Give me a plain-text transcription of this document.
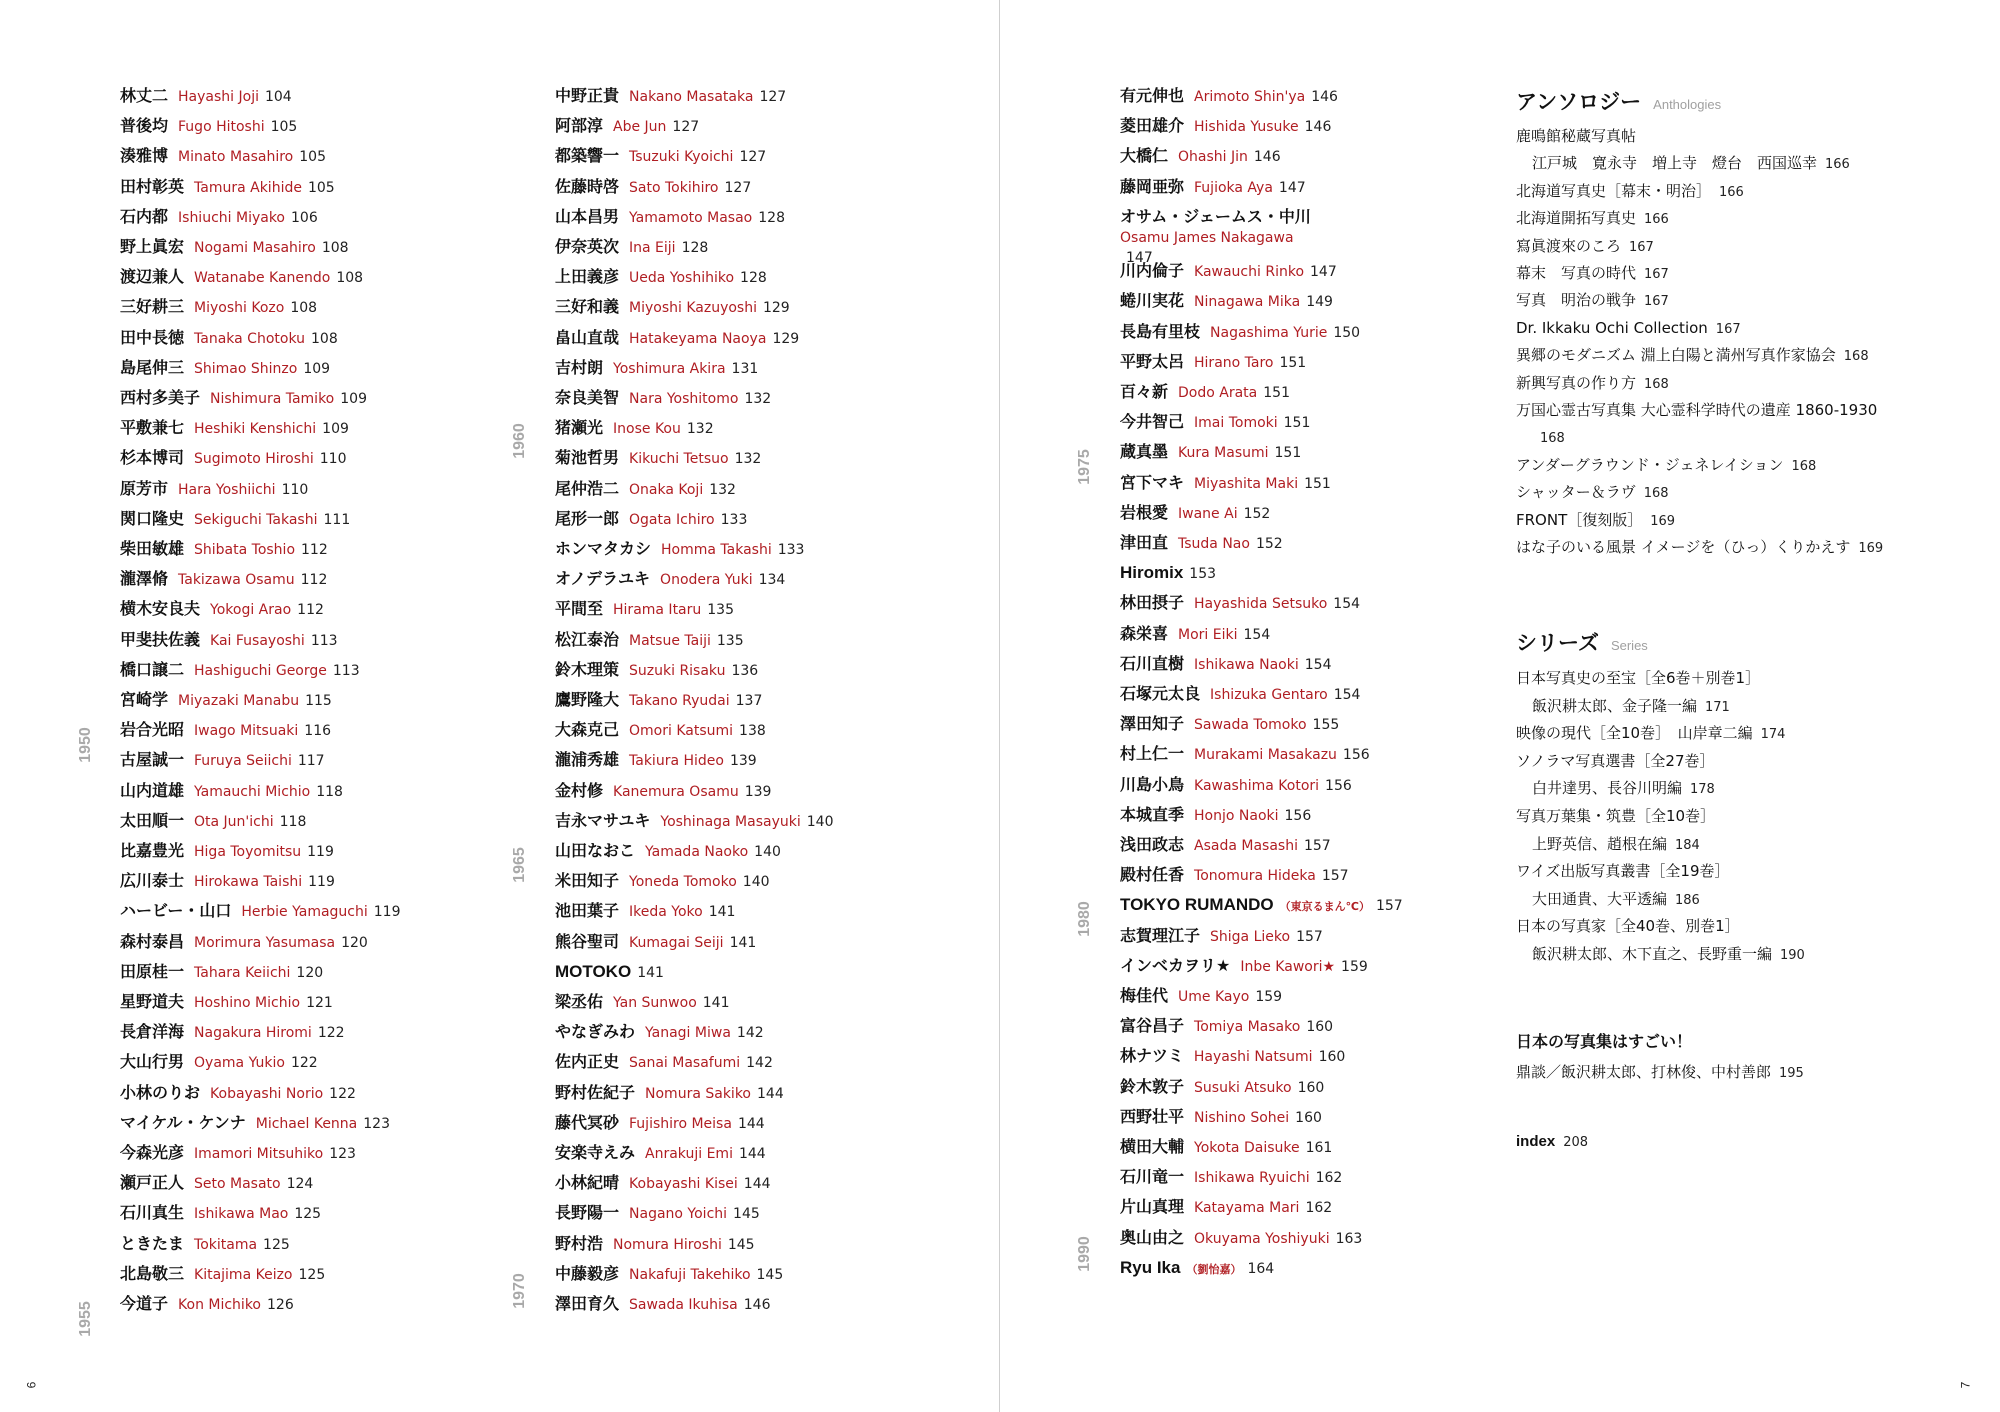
林丈二 Hayashi Joji 104
普後均 Fugo Hitoshi 105
湊雅博 Minato Masahiro 105
田村彰英 Tamura Akihide 105
石内都 Ishiuchi Miyako 106
野上眞宏 Nogami Masahiro 108
渡辺兼人 Watanabe Kanendo 108
三好耕三 Miyoshi Kozo 108
田中長徳 Tanaka Chotoku 108
島尾伸三 Shimao Shinzo 109
西村多美子 Nishimura Tamiko 109
平敷兼七 Heshiki Kenshichi 109
杉本博司 Sugimoto Hiroshi 110
原芳市 Hara Yoshiichi 110
関口隆史 Sekiguchi Takashi 111
柴田敏雄 Shibata Toshio 112
瀧澤脩 Takizawa Osamu 112
横木安良夫 Yokogi Arao 112
甲斐扶佐義 Kai Fusayoshi 113
橋口譲二 Hashiguchi George 113
宮崎学 Miyazaki Manabu 115
岩合光昭 Iwago Mitsuaki 116
古屋誠一 Furuya Seiichi 117
山内道雄 Yamauchi Michio 118
太田順一 Ota Jun'ichi 118
比嘉豊光 Higa Toyomitsu 119
広川泰士 Hirokawa Taishi 119
ハービー・山口 Herbie Yamaguchi 119
森村泰昌 Morimura Yasumasa 120
田原桂一 Tahara Keiichi 120
星野道夫 Hoshino Michio 121
長倉洋海 Nagakura Hiromi 122
大山行男 Oyama Yukio 122
小林のりお Kobayashi Norio 122
マイケル・ケンナ Michael Kenna 123
今森光彦 Imamori Mitsuhiko 123
瀬戸正人 Seto Masato 124
石川真生 Ishikawa Mao 125
ときたま Tokitama 125
北島敬三 Kitajima Keizo 125
今道子 Kon Michiko 126
中野正貴 Nakano Masataka 127
阿部淳 Abe Jun 127
都築響一 Tsuzuki Kyoichi 127
佐藤時啓 Sato Tokihiro 127
山本昌男 Yamamoto Masao 128
伊奈英次 Ina Eiji 128
上田義彦 Ueda Yoshihiko 128
三好和義 Miyoshi Kazuyoshi 129
畠山直哉 Hatakeyama Naoya 129
吉村朗 Yoshimura Akira 131
奈良美智 Nara Yoshitomo 132
猪瀬光 Inose Kou 132
菊池哲男 Kikuchi Tetsuo 132
尾仲浩二 Onaka Koji 132
尾形一郎 Ogata Ichiro 133
ホンマタカシ Homma Takashi 133
オノデラユキ Onodera Yuki 134
平間至 Hirama Itaru 135
松江泰治 Matsue Taiji 135
鈴木理策 Suzuki Risaku 136
鷹野隆大 Takano Ryudai 137
大森克己 Omori Katsumi 138
瀧浦秀雄 Takiura Hideo 139
金村修 Kanemura Osamu 139
吉永マサユキ Yoshinaga Masayuki 140
山田なおこ Yamada Naoko 140
米田知子 Yoneda Tomoko 140
池田葉子 Ikeda Yoko 141
熊谷聖司 Kumagai Seiji 141
MOTOKO 141
梁丞佑 Yan Sunwoo 141
やなぎみわ Yanagi Miwa 142
佐内正史 Sanai Masafumi 142
野村佐紀子 Nomura Sakiko 144
藤代冥砂 Fujishiro Meisa 144
安楽寺えみ Anrakuji Emi 144
小林紀晴 Kobayashi Kisei 144
長野陽一 Nagano Yoichi 145
野村浩 Nomura Hiroshi 145
中藤毅彦 Nakafuji Takehiko 145
澤田育久 Sawada Ikuhisa 146
1950
1955
1960
1965
1970
6
有元伸也 Arimoto Shin'ya 146
菱田雄介 Hishida Yusuke 146
大橋仁 Ohashi Jin 146
藤岡亜弥 Fujioka Aya 147
オサム・ジェームス・中川
Osamu James Nakagawa
147
川内倫子 Kawauchi Rinko 147
蜷川実花 Ninagawa Mika 149
長島有里枝 Nagashima Yurie 150
平野太呂 Hirano Taro 151
百々新 Dodo Arata 151
今井智己 Imai Tomoki 151
蔵真墨 Kura Masumi 151
宮下マキ Miyashita Maki 151
岩根愛 Iwane Ai 152
津田直 Tsuda Nao 152
Hiromix 153
林田摂子 Hayashida Setsuko 154
森栄喜 Mori Eiki 154
石川直樹 Ishikawa Naoki 154
石塚元太良 Ishizuka Gentaro 154
澤田知子 Sawada Tomoko 155
村上仁一 Murakami Masakazu 156
川島小鳥 Kawashima Kotori 156
本城直季 Honjo Naoki 156
浅田政志 Asada Masashi 157
殿村任香 Tonomura Hideka 157
TOKYO RUMANDO （東京るまん℃） 157
志賀理江子 Shiga Lieko 157
インベカヲリ★ Inbe Kawori★ 159
梅佳代 Ume Kayo 159
富谷昌子 Tomiya Masako 160
林ナツミ Hayashi Natsumi 160
鈴木敦子 Susuki Atsuko 160
西野壮平 Nishino Sohei 160
横田大輔 Yokota Daisuke 161
石川竜一 Ishikawa Ryuichi 162
片山真理 Katayama Mari 162
奥山由之 Okuyama Yoshiyuki 163
Ryu Ika （劉怡嘉） 164
1975
1980
1990
アンソロジー Anthologies
鹿鳴館秘蔵写真帖
江戸城　寛永寺　増上寺　燈台　西国巡幸 166
北海道写真史［幕末・明治］ 166
北海道開拓写真史 166
寫眞渡來のころ 167
幕末　写真の時代 167
写真　明治の戦争 167
Dr. Ikkaku Ochi Collection 167
異郷のモダニズム 淵上白陽と満州写真作家協会 168
新興写真の作り方 168
万国心霊古写真集 大心霊科学時代の遺産 1860-1930
168
アンダーグラウンド・ジェネレイション 168
シャッター＆ラヴ 168
FRONT［復刻版］ 169
はな子のいる風景 イメージを（ひっ）くりかえす 169
シリーズ Series
日本写真史の至宝［全6巻＋別巻1］
飯沢耕太郎、金子隆一編 171
映像の現代［全10巻］　山岸章二編 174
ソノラマ写真選書［全27巻］
白井達男、長谷川明編 178
写真万葉集・筑豊［全10巻］
上野英信、趙根在編 184
ワイズ出版写真叢書［全19巻］
大田通貴、大平透編 186
日本の写真家［全40巻、別巻1］
飯沢耕太郎、木下直之、長野重一編 190
日本の写真集はすごい！
鼎談／飯沢耕太郎、打林俊、中村善郎 195
index 208
7
